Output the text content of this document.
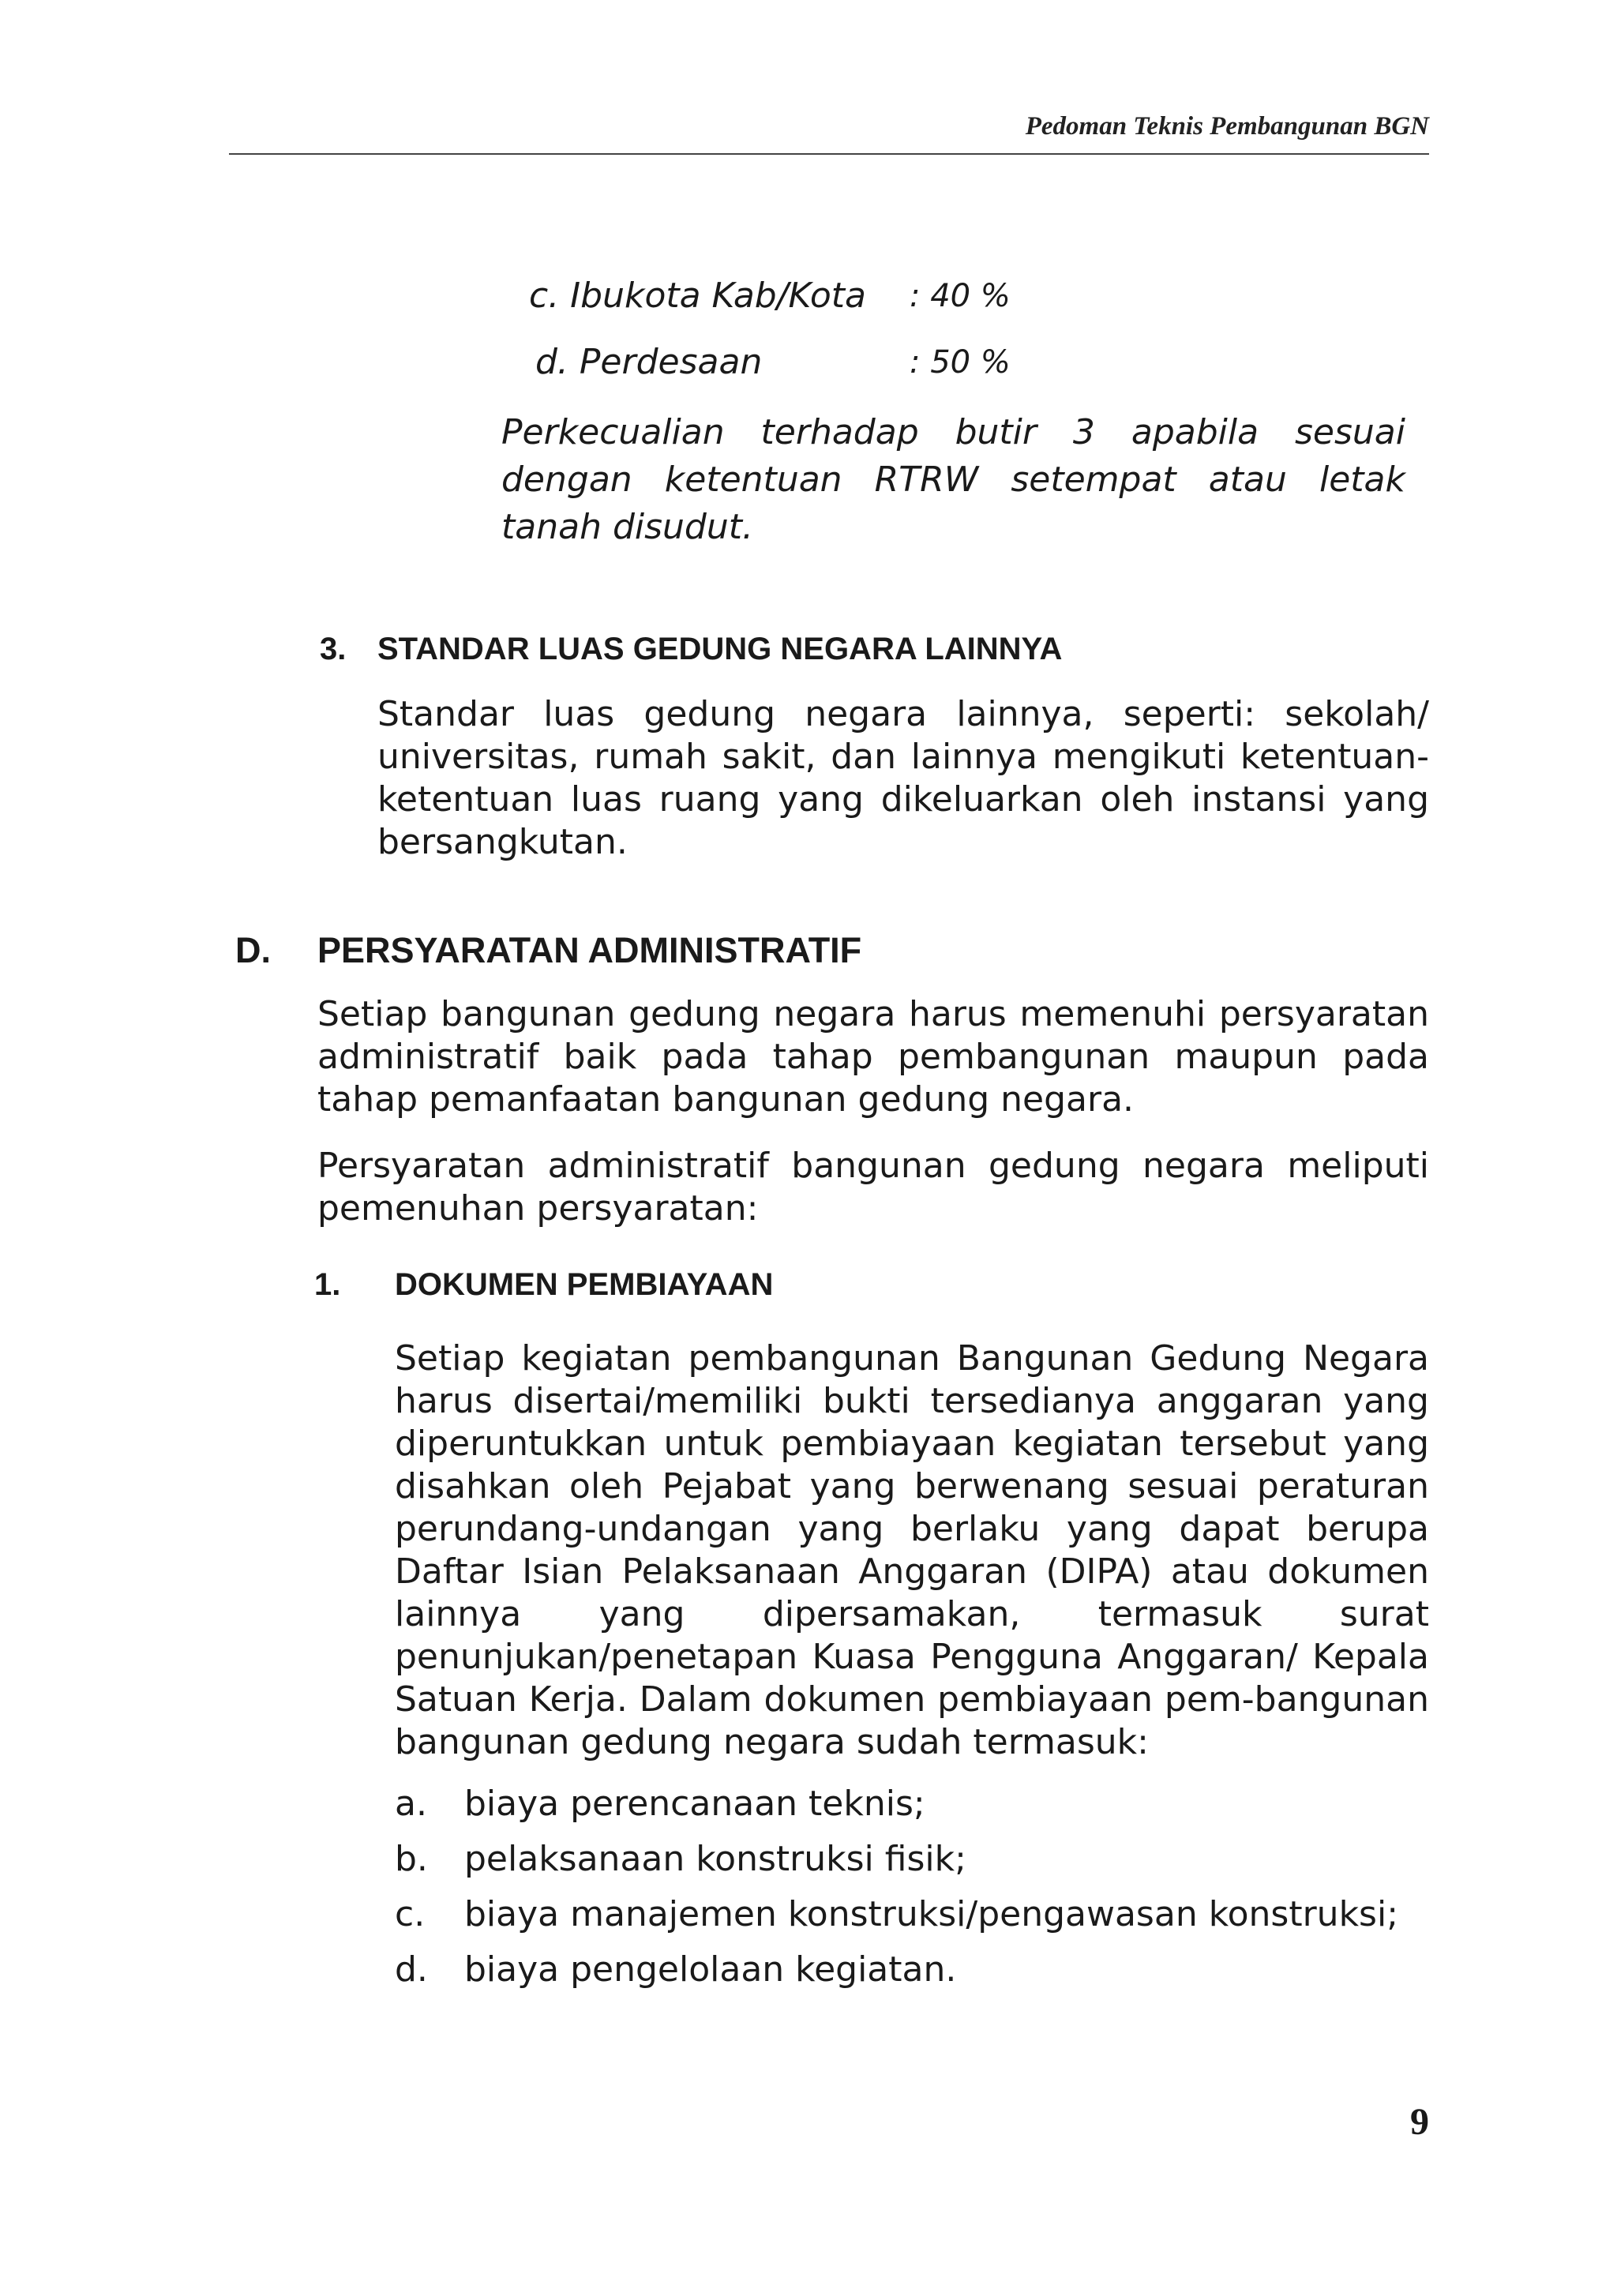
Pedoman Teknis Pembangunan BGN
c. Ibukota Kab/Kota : 40 %
d. Perdesaan	: 50 %

Perkecualian terhadap butir 3 apabila sesuai dengan ketentuan RTRW setempat atau letak tanah disudut.

3. STANDAR LUAS GEDUNG NEGARA LAINNYA

Standar luas gedung negara lainnya, seperti: sekolah/ universitas, rumah sakit, dan lainnya mengikuti ketentuan-ketentuan luas ruang yang dikeluarkan oleh instansi yang bersangkutan.

D. PERSYARATAN ADMINISTRATIF

Setiap bangunan gedung negara harus memenuhi persyaratan administratif baik pada tahap pembangunan maupun pada tahap pemanfaatan bangunan gedung negara.

Persyaratan administratif bangunan gedung negara meliputi pemenuhan persyaratan:

1. DOKUMEN PEMBIAYAAN

Setiap kegiatan pembangunan Bangunan Gedung Negara harus disertai/memiliki bukti tersedianya anggaran yang diperuntukkan untuk pembiayaan kegiatan tersebut yang disahkan oleh Pejabat yang berwenang sesuai peraturan perundang-undangan yang berlaku yang dapat berupa Daftar Isian Pelaksanaan Anggaran (DIPA) atau dokumen lainnya yang dipersamakan, termasuk surat penunjukan/penetapan Kuasa Pengguna Anggaran/ Kepala Satuan Kerja. Dalam dokumen pembiayaan pem-bangunan bangunan gedung negara sudah termasuk:

a. biaya perencanaan teknis;
b. pelaksanaan konstruksi fisik;
c. biaya manajemen konstruksi/pengawasan konstruksi;
d. biaya pengelolaan kegiatan.
9
